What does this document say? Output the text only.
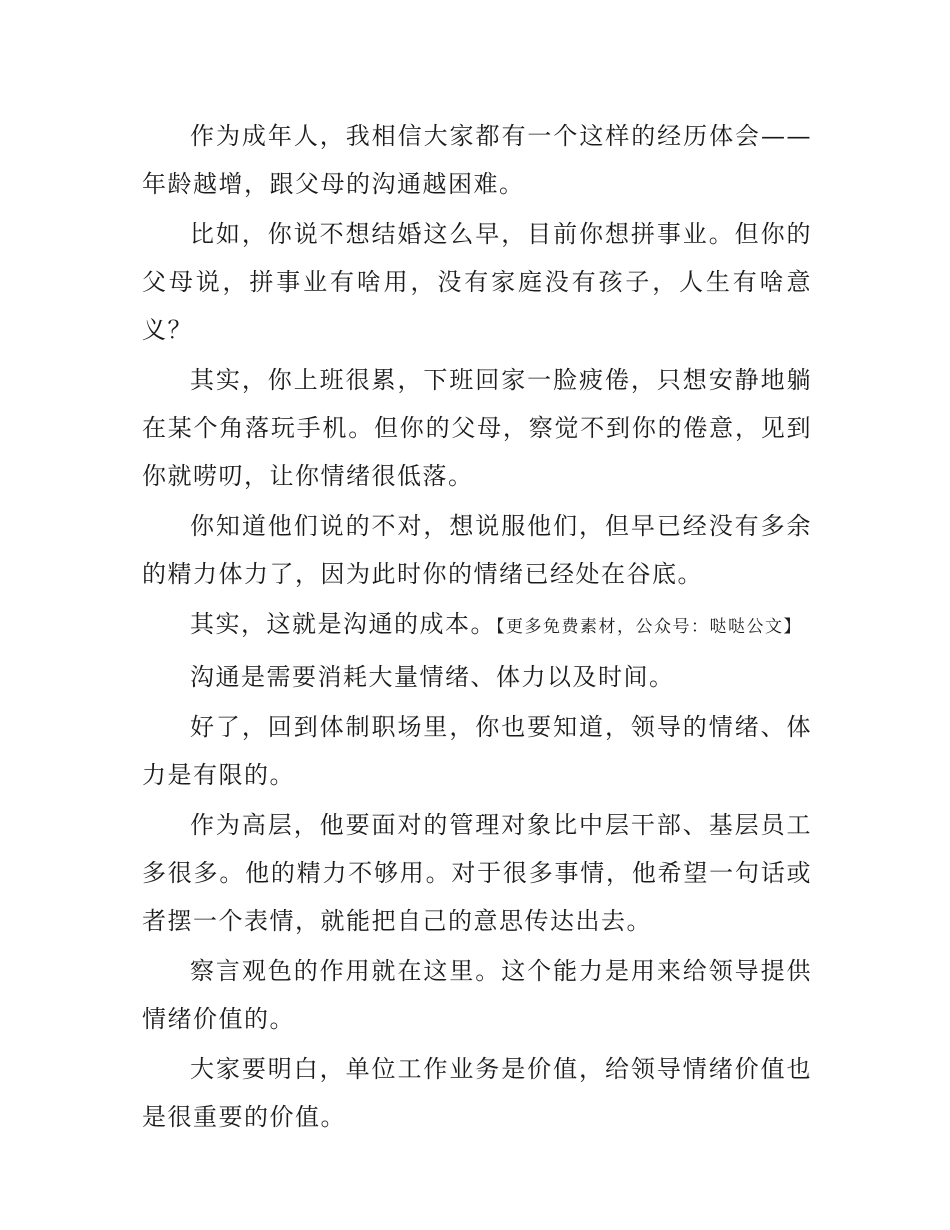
作为成年人，我相信大家都有一个这样的经历体会——年龄越增，跟父母的沟通越困难。

比如，你说不想结婚这么早，目前你想拼事业。但你的父母说，拼事业有啥用，没有家庭没有孩子，人生有啥意义？

其实，你上班很累，下班回家一脸疲倦，只想安静地躺在某个角落玩手机。但你的父母，察觉不到你的倦意，见到你就唠叨，让你情绪很低落。

你知道他们说的不对，想说服他们，但早已经没有多余的精力体力了，因为此时你的情绪已经处在谷底。

其实，这就是沟通的成本。【更多免费素材，公众号：哒哒公文】

沟通是需要消耗大量情绪、体力以及时间。

好了，回到体制职场里，你也要知道，领导的情绪、体力是有限的。

作为高层，他要面对的管理对象比中层干部、基层员工多很多。他的精力不够用。对于很多事情，他希望一句话或者摆一个表情，就能把自己的意思传达出去。

察言观色的作用就在这里。这个能力是用来给领导提供情绪价值的。

大家要明白，单位工作业务是价值，给领导情绪价值也是很重要的价值。
